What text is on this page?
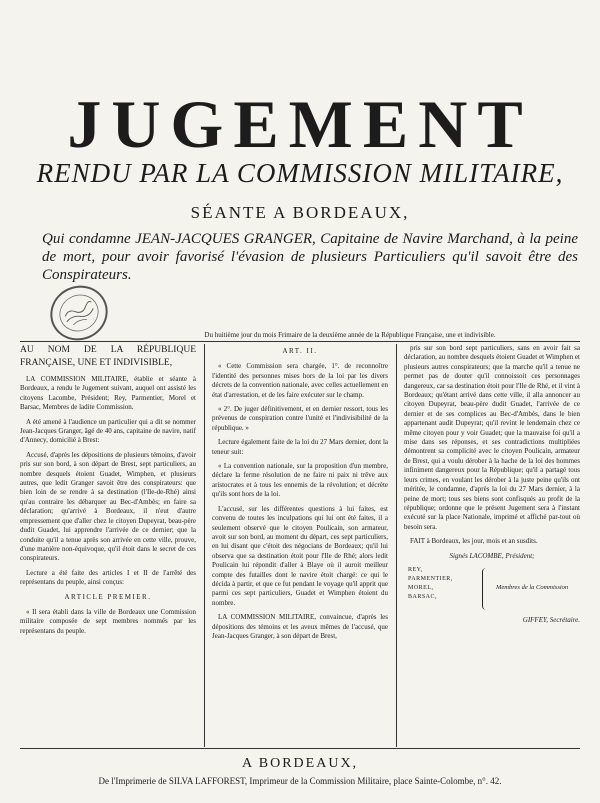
JUGEMENT
RENDU PAR LA COMMISSION MILITAIRE,
SÉANTE A BORDEAUX,
Qui condamne JEAN-JACQUES GRANGER, Capitaine de Navire Marchand, à la peine de mort, pour avoir favorisé l'évasion de plusieurs Particuliers qu'il savoit être des Conspirateurs.
Du huitième jour du mois Frimaire de la deuxième année de la République Française, une et indivisible.

AU NOM DE LA RÉPUBLIQUE FRANÇAISE, UNE ET INDIVISIBLE,

LA COMMISSION MILITAIRE, établie et séante à Bordeaux, a rendu le Jugement suivant, auquel ont assisté les citoyens Lacombe, Président; Rey, Parmentier, Morel et Barsac, Membres de ladite Commission.

A été amené à l'audience un particulier qui a dit se nommer Jean-Jacques Granger, âgé de 40 ans, capitaine de navire, natif d'Annecy, domicilié à Brest:

Accusé, d'après les dépositions de plusieurs témoins, d'avoir pris sur son bord, à son départ de Brest, sept particuliers, au nombre desquels étoient Guadet, Wimphen, et plusieurs autres, que ledit Granger savoit être des conspirateurs: que bien loin de se rendre à sa destination (l'Ile-de-Rhé) ainsi qu'au contraire les débarquer au Bec-d'Ambès; en faire sa déclaration; qu'arrivé à Bordeaux, il n'eut d'autre empressement que d'aller chez le citoyen Dupeyrat, beau-père dudit Guadet, lui apprendre l'arrivée de ce dernier; que la conduite qu'il a tenue après son arrivée en cette ville, prouve, d'une manière non-équivoque, qu'il étoit dans le secret de ces conspirateurs.

Lecture a été faite des articles I et II de l'arrêté des représentans du peuple, ainsi conçus:

ARTICLE PREMIER.

« Il sera établi dans la ville de Bordeaux une Commission militaire composée de sept membres nommés par les représentans du peuple.

ART. II.

« Cette Commission sera chargée, 1°. de reconnoître l'identité des personnes mises hors de la loi par les divers décrets de la convention nationale, avec celles actuellement en état d'arrestation, et de les faire exécuter sur le champ.

« 2°. De juger définitivement, et en dernier ressort, tous les prévenus de conspiration contre l'unité et l'indivisibilité de la république. »

Lecture également faite de la loi du 27 Mars dernier, dont la teneur suit:

« La convention nationale, sur la proposition d'un membre, déclare la ferme résolution de ne faire ni paix ni trêve aux aristocrates et à tous les ennemis de la révolution; et décrète qu'ils sont hors de la loi.

L'accusé, sur les différentes questions à lui faites, est convenu de toutes les inculpations qui lui ont été faites, il a seulement observé que le citoyen Poulicain, son armateur, avoit sur son bord, au moment du départ, ces sept particuliers, en lui disant que c'étoit des négocians de Bordeaux; qu'il lui observa que sa destination étoit pour l'Ile de Rhé; alors ledit Poulicain lui répondit d'aller à Blaye où il auroit meilleur compte des futailles dont le navire étoit chargé: ce qui le décida à partir, et que ce fut pendant le voyage qu'il apprit que parmi ces sept particuliers, Guadet et Wimphen étoient du nombre.

LA COMMISSION MILITAIRE, convaincue, d'après les dépositions des témoins et les aveux mêmes de l'accusé, que Jean-Jacques Granger, à son départ de Brest,

pris sur son bord sept particuliers, sans en avoir fait sa déclaration, au nombre desquels étoient Guadet et Wimphen et plusieurs autres conspirateurs; que la marche qu'il a tenue ne permet pas de douter qu'il connoissoit ces personnages dangereux, car sa destination étoit pour l'Ile de Rhé, et il vint à Bordeaux; qu'étant arrivé dans cette ville, il alla annoncer au citoyen Dupeyrat, beau-père dudit Guadet, l'arrivée de ce dernier et de ses complices au Bec-d'Ambès, dans le bien appartenant audit Dupeyrat; qu'il revint le lendemain chez ce même citoyen pour y voir Guadet; que la mauvaise foi qu'il a mise dans ses réponses, et ses contradictions multipliées démontrent sa complicité avec le citoyen Poulicain, armateur de Brest, qui a voulu dérober à la hache de la loi des hommes infiniment dangereux pour la République; qu'il a partagé tous leurs crimes, en voulant les dérober à la juste peine qu'ils ont méritée, le condamne, d'après la loi du 27 Mars dernier, à la peine de mort; tous ses biens sont confisqués au profit de la république; ordonne que le présent Jugement sera à l'instant exécuté sur la place Nationale, imprimé et affiché par-tout où besoin sera.

FAIT à Bordeaux, les jour, mois et an susdits.

Signés LACOMBE, Président;

REY,
PARMENTIER,
MOREL,
BARSAC,
Membres de la Commission

GIFFEY, Secrétaire.

A BORDEAUX,
De l'Imprimerie de SILVA LAFFOREST, Imprimeur de la Commission Militaire, place Sainte-Colombe, n°. 42.
